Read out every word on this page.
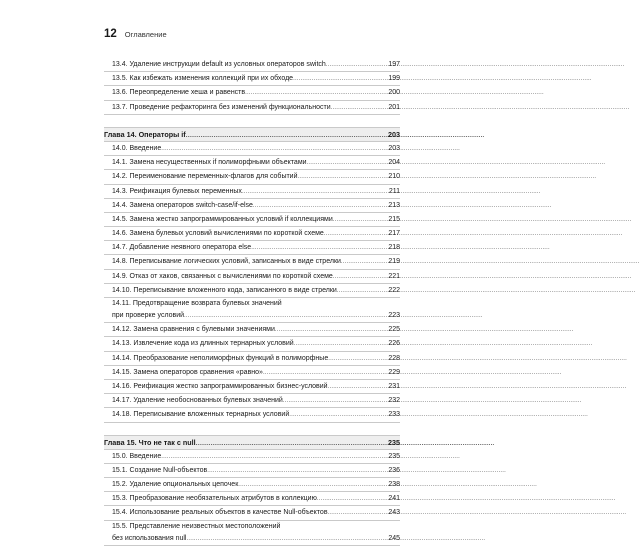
12 Оглавление
13.4. Удаление инструкции default из условных операторов switch .....	197
13.5. Как избежать изменения коллекций при их обходе .....	199
13.6. Переопределение хеша и равенств .....	200
13.7. Проведение рефакторинга без изменений функциональности .....	201
Глава 14. Операторы if .....	203
14.0. Введение .....	203
14.1. Замена несущественных if полиморфными объектами .....	204
14.2. Переименование переменных-флагов для событий .....	210
14.3. Реификация булевых переменных .....	211
14.4. Замена операторов switch-case/if-else .....	213
14.5. Замена жестко запрограммированных условий if коллекциями .....	215
14.6. Замена булевых условий вычислениями по короткой схеме .....	217
14.7. Добавление неявного оператора else .....	218
14.8. Переписывание логических условий, записанных в виде стрелки .....	219
14.9. Отказ от хаков, связанных с вычислениями по короткой схеме .....	221
14.10. Переписывание вложенного кода, записанного в виде стрелки .....	222
14.11. Предотвращение возврата булевых значений
при проверке условий .....	223
14.12. Замена сравнения с булевыми значениями .....	225
14.13. Извлечение кода из длинных тернарных условий .....	226
14.14. Преобразование неполиморфных функций в полиморфные .....	228
14.15. Замена операторов сравнения «равно» .....	229
14.16. Реификация жестко запрограммированных бизнес-условий .....	231
14.17. Удаление необоснованных булевых значений .....	232
14.18. Переписывание вложенных тернарных условий .....	233
Глава 15. Что не так с null .....	235
15.0. Введение .....	235
15.1. Создание Null-объектов .....	236
15.2. Удаление опциональных цепочек .....	238
15.3. Преобразование необязательных атрибутов в коллекцию .....	241
15.4. Использование реальных объектов в качестве Null-объектов .....	243
15.5. Представление неизвестных местоположений
без использования null .....	245
